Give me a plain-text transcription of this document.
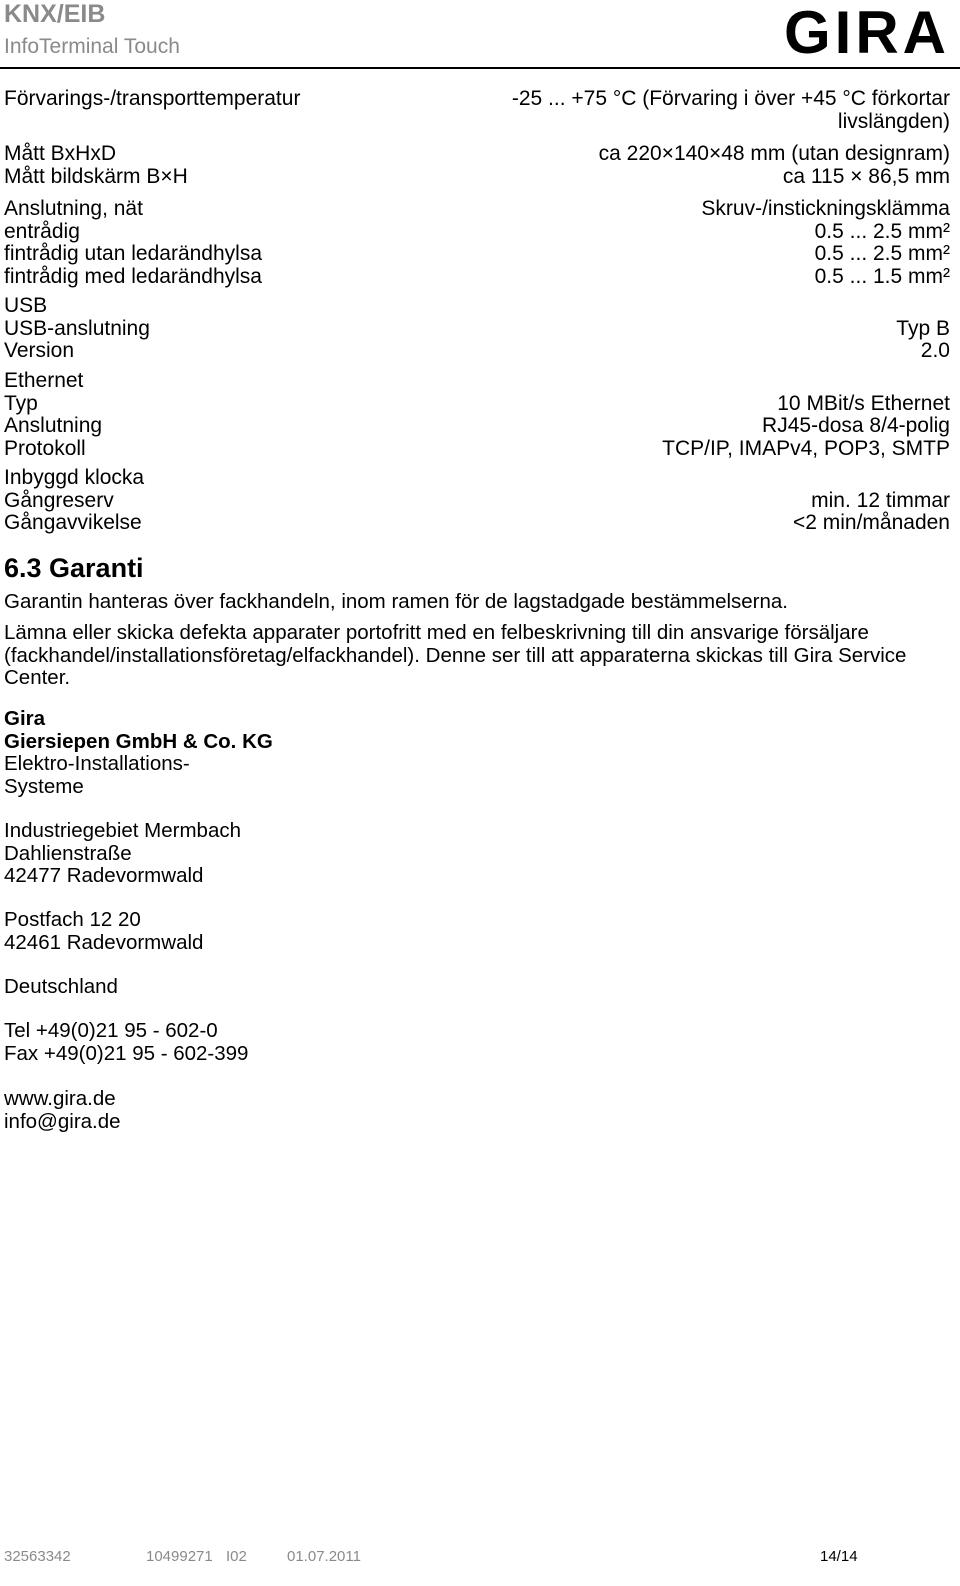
KNX/EIB
InfoTerminal Touch	GIRA
Förvarings-/transporttemperatur	-25 ... +75 °C (Förvaring i över +45 °C förkortar livslängden)
Mått BxHxD	ca 220×140×48 mm (utan designram)
Mått bildskärm B×H	ca 115 × 86,5 mm
Anslutning, nät	Skruv-/instickningsklämma
entrådig	0.5 ... 2.5 mm²
fintrådig utan ledarändhylsa	0.5 ... 2.5 mm²
fintrådig med ledarändhylsa	0.5 ... 1.5 mm²
USB
USB-anslutning	Typ B
Version	2.0
Ethernet
Typ	10 MBit/s Ethernet
Anslutning	RJ45-dosa 8/4-polig
Protokoll	TCP/IP, IMAPv4, POP3, SMTP
Inbyggd klocka
Gångreserv	min. 12 timmar
Gångavvikelse	<2 min/månaden
6.3 Garanti
Garantin hanteras över fackhandeln, inom ramen för de lagstadgade bestämmelserna.
Lämna eller skicka defekta apparater portofritt med en felbeskrivning till din ansvarige försäljare (fackhandel/installationsföretag/elfackhandel). Denne ser till att apparaterna skickas till Gira Service Center.
Gira
Giersiepen GmbH & Co. KG
Elektro-Installations-
Systeme
Industriegebiet Mermbach
Dahlienstraße
42477 Radevormwald
Postfach 12 20
42461 Radevormwald
Deutschland
Tel +49(0)21 95 - 602-0
Fax +49(0)21 95 - 602-399
www.gira.de
info@gira.de
32563342	10499271 I02	01.07.2011	14/14
